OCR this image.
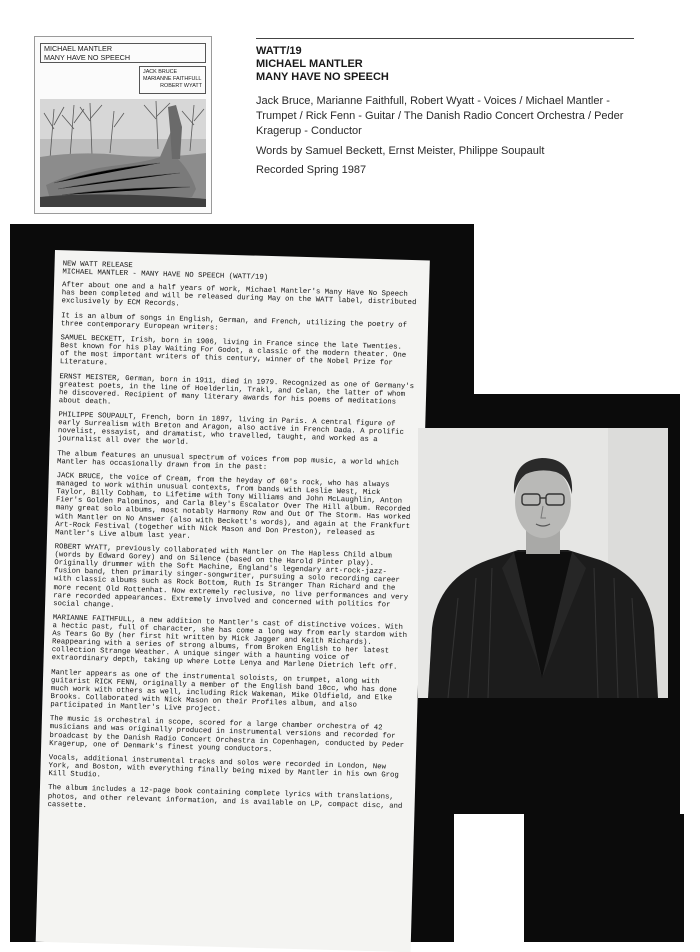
MICHAEL MANTLER
MANY HAVE NO SPEECH
JACK BRUCE
MARIANNE FAITHFULL
ROBERT WYATT
WATT/19
MICHAEL MANTLER
MANY HAVE NO SPEECH
Jack Bruce, Marianne Faithfull, Robert Wyatt - Voices / Michael Mantler - Trumpet / Rick Fenn - Guitar / The Danish Radio Concert Orchestra / Peder Kragerup - Conductor
Words by Samuel Beckett, Ernst Meister, Philippe Soupault
Recorded Spring 1987

NEW WATT RELEASE
MICHAEL MANTLER - MANY HAVE NO SPEECH (WATT/19)

After about one and a half years of work, Michael Mantler's Many Have No Speech has been completed and will be released during May on the WATT label, distributed exclusively by ECM Records.

It is an album of songs in English, German, and French, utilizing the poetry of three contemporary European writers:

SAMUEL BECKETT, Irish, born in 1906, living in France since the late Twenties. Best known for his play Waiting For Godot, a classic of the modern theater. One of the most important writers of this century, winner of the Nobel Prize for Literature.

ERNST MEISTER, German, born in 1911, died in 1979. Recognized as one of Germany's greatest poets, in the line of Hoelderlin, Trakl, and Celan, the latter of whom he discovered. Recipient of many literary awards for his poems of meditations about death.

PHILIPPE SOUPAULT, French, born in 1897, living in Paris. A central figure of early Surrealism with Breton and Aragon, also active in French Dada. A prolific novelist, essayist, and dramatist, who travelled, taught, and worked as a journalist all over the world.

The album features an unusual spectrum of voices from pop music, a world which Mantler has occasionally drawn from in the past:

JACK BRUCE, the voice of Cream, from the heyday of 60's rock, who has always managed to work within unusual contexts, from bands with Leslie West, Mick Taylor, Billy Cobham, to Lifetime with Tony Williams and John McLaughlin, Anton Fier's Golden Palominos, and Carla Bley's Escalator Over The Hill album. Recorded many great solo albums, most notably Harmony Row and Out Of The Storm. Has worked with Mantler on No Answer (also with Beckett's words), and again at the Frankfurt Art-Rock Festival (together with Nick Mason and Don Preston), released as Mantler's Live album last year.

ROBERT WYATT, previously collaborated with Mantler on The Hapless Child album (words by Edward Gorey) and on Silence (based on the Harold Pinter play). Originally drummer with the Soft Machine, England's legendary art-rock-jazz-fusion band, then primarily singer-songwriter, pursuing a solo recording career with classic albums such as Rock Bottom, Ruth Is Stranger Than Richard and the more recent Old Rottenhat. Now extremely reclusive, no live performances and very rare recorded appearances. Extremely involved and concerned with politics for social change.

MARIANNE FAITHFULL, a new addition to Mantler's cast of distinctive voices. With a hectic past, full of character, she has come a long way from early stardom with As Tears Go By (her first hit written by Mick Jagger and Keith Richards). Reappearing with a series of strong albums, from Broken English to her latest collection Strange Weather. A unique singer with a haunting voice of extraordinary depth, taking up where Lotte Lenya and Marlene Dietrich left off.

Mantler appears as one of the instrumental soloists, on trumpet, along with guitarist RICK FENN, originally a member of the English band 10cc, who has done much work with others as well, including Rick Wakeman, Mike Oldfield, and Elke Brooks. Collaborated with Nick Mason on their Profiles album, and also participated in Mantler's Live project.

The music is orchestral in scope, scored for a large chamber orchestra of 42 musicians and was originally produced in instrumental versions and recorded for broadcast by the Danish Radio Concert Orchestra in Copenhagen, conducted by Peder Kragerup, one of Denmark's finest young conductors.

Vocals, additional instrumental tracks and solos were recorded in London, New York, and Boston, with everything finally being mixed by Mantler in his own Grog Kill Studio.

The album includes a 12-page book containing complete lyrics with translations, photos, and other relevant information, and is available on LP, compact disc, and cassette.
